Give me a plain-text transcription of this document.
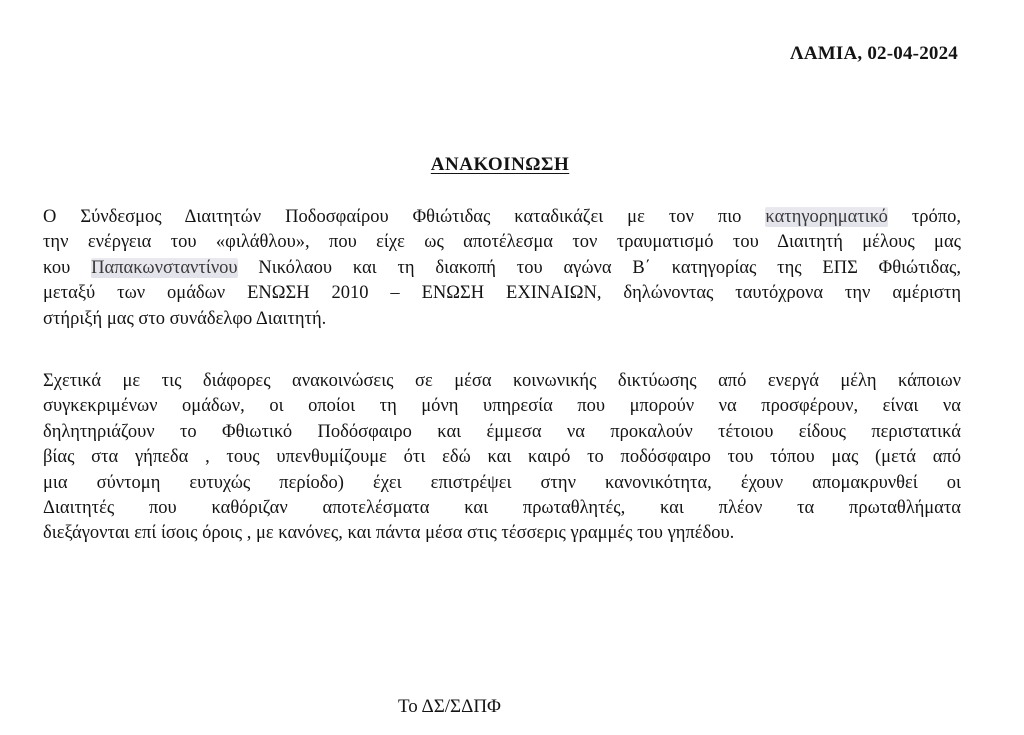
ΛΑΜΙΑ, 02-04-2024
ΑΝΑΚΟΙΝΩΣΗ
Ο Σύνδεσμος Διαιτητών Ποδοσφαίρου Φθιώτιδας καταδικάζει με τον πιο κατηγορηματικό τρόπο,
την ενέργεια του «φιλάθλου», που είχε ως αποτέλεσμα τον τραυματισμό του Διαιτητή μέλους μας
κου Παπακωνσταντίνου Νικόλαου και τη διακοπή του αγώνα Β΄ κατηγορίας της ΕΠΣ Φθιώτιδας,
μεταξύ των ομάδων ΕΝΩΣΗ 2010 – ΕΝΩΣΗ ΕΧΙΝΑΙΩΝ, δηλώνοντας ταυτόχρονα την αμέριστη
στήριξή μας στο συνάδελφο Διαιτητή.
Σχετικά με τις διάφορες ανακοινώσεις σε μέσα κοινωνικής δικτύωσης από ενεργά μέλη κάποιων
συγκεκριμένων ομάδων, οι οποίοι τη μόνη υπηρεσία που μπορούν να προσφέρουν, είναι να
δηλητηριάζουν το Φθιωτικό Ποδόσφαιρο και έμμεσα να προκαλούν τέτοιου είδους περιστατικά
βίας στα γήπεδα , τους υπενθυμίζουμε ότι εδώ και καιρό το ποδόσφαιρο του τόπου μας (μετά από
μια σύντομη ευτυχώς περίοδο) έχει επιστρέψει στην κανονικότητα, έχουν απομακρυνθεί οι
Διαιτητές που καθόριζαν αποτελέσματα και πρωταθλητές, και πλέον τα πρωταθλήματα
διεξάγονται επί ίσοις όροις , με κανόνες, και πάντα μέσα στις τέσσερις γραμμές του γηπέδου.
Το ΔΣ/ΣΔΠΦ
